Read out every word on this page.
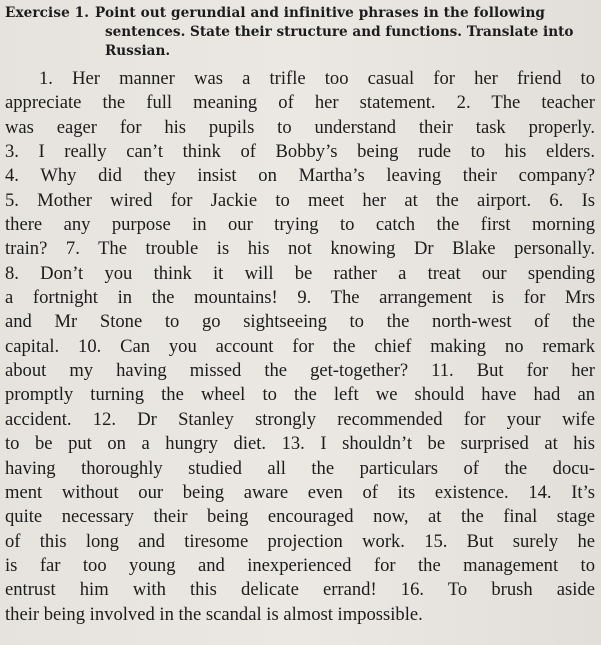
Exercise 1. Point out gerundial and infinitive phrases in the following
sentences. State their structure and functions. Translate into
Russian.
1. Her manner was a trifle too casual for her friend to
appreciate the full meaning of her statement. 2. The teacher
was eager for his pupils to understand their task properly.
3. I really can’t think of Bobby’s being rude to his elders.
4. Why did they insist on Martha’s leaving their company?
5. Mother wired for Jackie to meet her at the airport. 6. Is
there any purpose in our trying to catch the first morning
train? 7. The trouble is his not knowing Dr Blake personally.
8. Don’t you think it will be rather a treat our spending
a fortnight in the mountains! 9. The arrangement is for Mrs
and Mr Stone to go sightseeing to the north-west of the
capital. 10. Can you account for the chief making no remark
about my having missed the get-together? 11. But for her
promptly turning the wheel to the left we should have had an
accident. 12. Dr Stanley strongly recommended for your wife
to be put on a hungry diet. 13. I shouldn’t be surprised at his
having thoroughly studied all the particulars of the docu-
ment without our being aware even of its existence. 14. It’s
quite necessary their being encouraged now, at the final stage
of this long and tiresome projection work. 15. But surely he
is far too young and inexperienced for the management to
entrust him with this delicate errand! 16. To brush aside
their being involved in the scandal is almost impossible.
